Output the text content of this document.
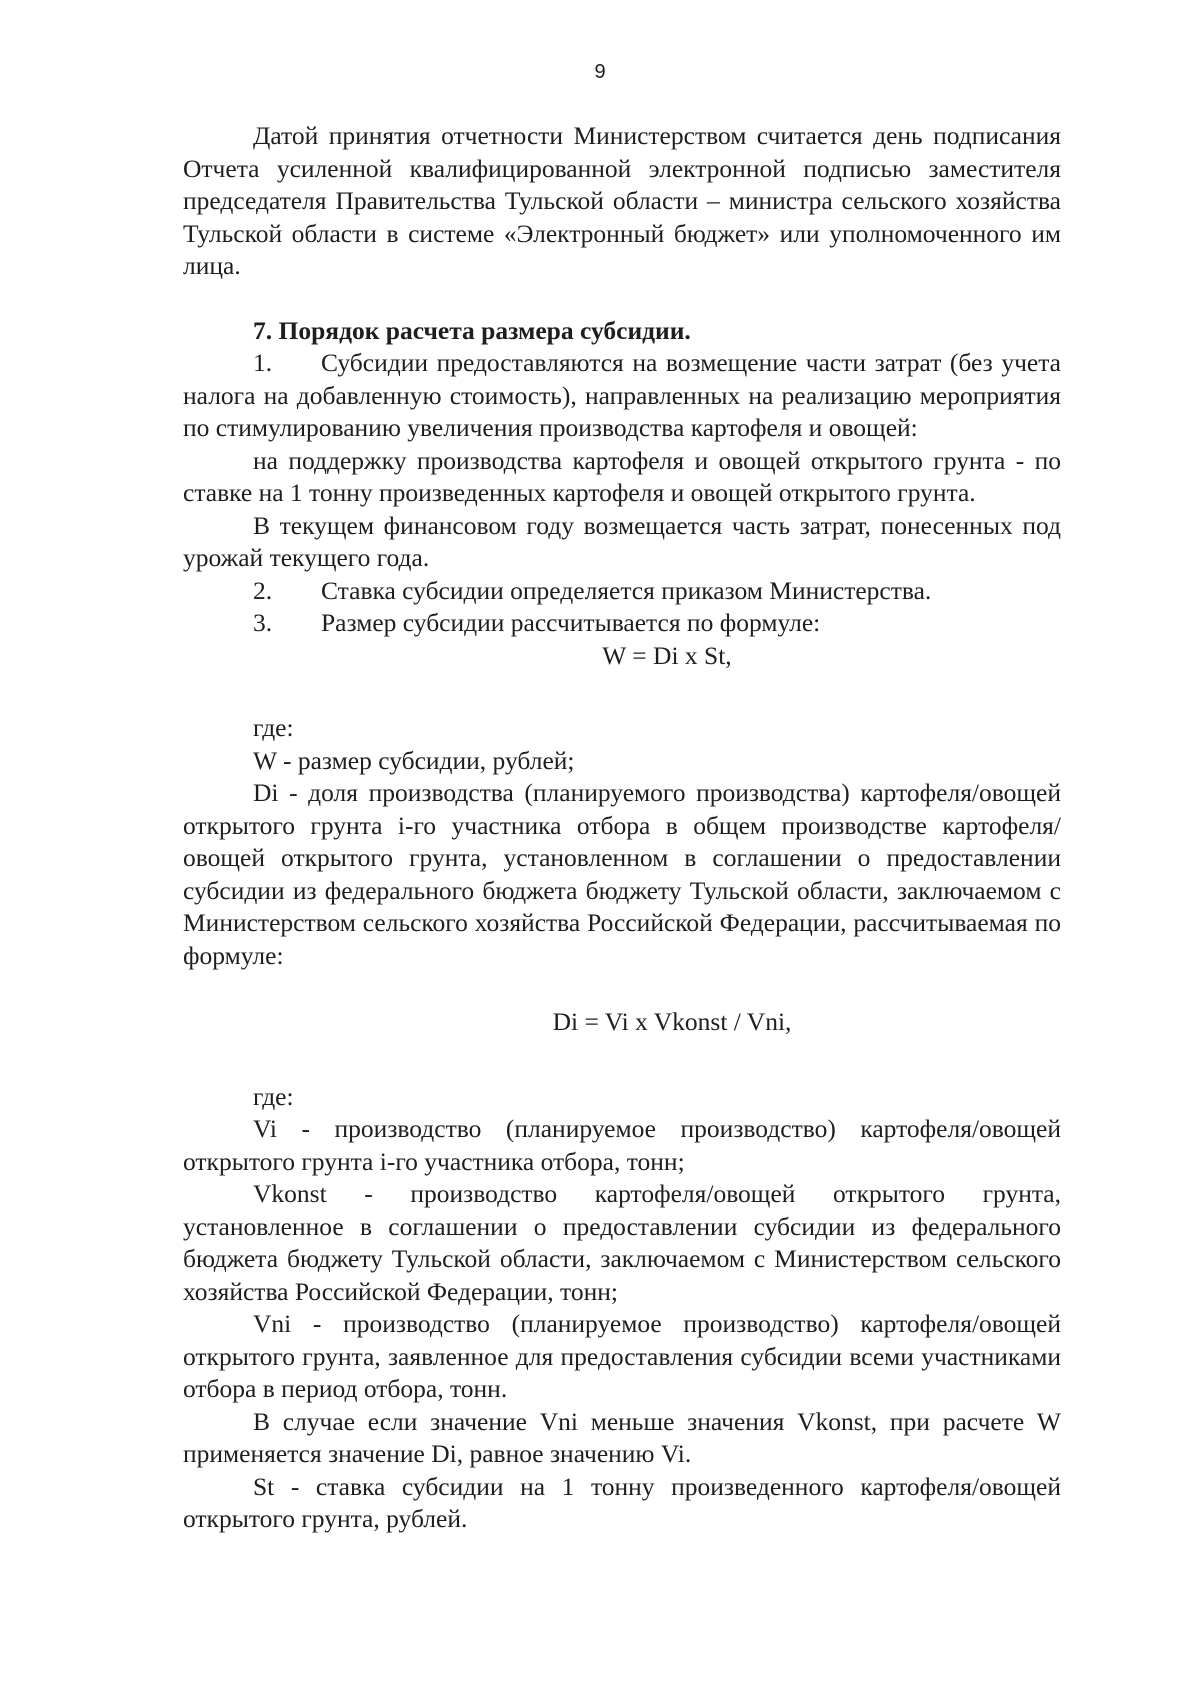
9

Датой принятия отчетности Министерством считается день подписания Отчета усиленной квалифицированной электронной подписью заместителя председателя Правительства Тульской области – министра сельского хозяйства Тульской области в системе «Электронный бюджет» или уполномоченного им лица.

7. Порядок расчета размера субсидии.

1. Субсидии предоставляются на возмещение части затрат (без учета налога на добавленную стоимость), направленных на реализацию мероприятия по стимулированию увеличения производства картофеля и овощей:

на поддержку производства картофеля и овощей открытого грунта - по ставке на 1 тонну произведенных картофеля и овощей открытого грунта.

В текущем финансовом году возмещается часть затрат, понесенных под урожай текущего года.

2.	Ставка субсидии определяется приказом Министерства.
3.	Размер субсидии рассчитывается по формуле:

W = Di x St,

где:

W - размер субсидии, рублей;

Di - доля производства (планируемого производства) картофеля/овощей открытого грунта i-го участника отбора в общем производстве картофеля/овощей открытого грунта, установленном в соглашении о предоставлении субсидии из федерального бюджета бюджету Тульской области, заключаемом с Министерством сельского хозяйства Российской Федерации, рассчитываемая по формуле:

Di = Vi x Vkonst / Vni,

где:

Vi - производство (планируемое производство) картофеля/овощей открытого грунта i-го участника отбора, тонн;

Vkonst - производство картофеля/овощей открытого грунта, установленное в соглашении о предоставлении субсидии из федерального бюджета бюджету Тульской области, заключаемом с Министерством сельского хозяйства Российской Федерации, тонн;

Vni - производство (планируемое производство) картофеля/овощей открытого грунта, заявленное для предоставления субсидии всеми участниками отбора в период отбора, тонн.

В случае если значение Vni меньше значения Vkonst, при расчете W применяется значение Di, равное значению Vi.

St - ставка субсидии на 1 тонну произведенного картофеля/овощей открытого грунта, рублей.
